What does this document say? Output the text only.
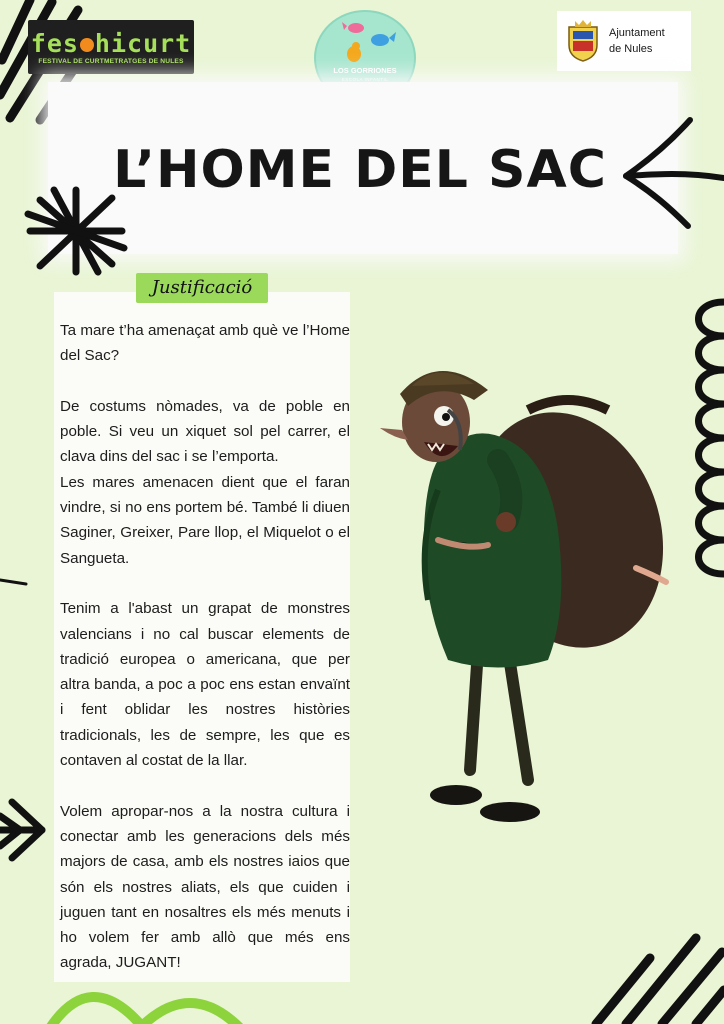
fes hicurt
FESTIVAL DE CURTMETRATGES DE NULES
LOS GORRIONES
ESCOLA INFANTIL
Ajuntament
de Nules
L’HOME DEL SAC
Justificació

Ta mare t’ha amenaçat amb què ve l’Home del Sac?

De costums nòmades, va de poble en poble. Si veu un xiquet sol pel carrer, el clava dins del sac i se l’emporta.

Les mares amenacen dient que el faran vindre, si no ens portem bé. També li diuen Saginer, Greixer, Pare llop, el Miquelot o el Sangueta.

Tenim a l'abast un grapat de monstres valencians i no cal buscar elements de tradició europea o americana, que per altra banda, a poc a poc ens estan envaïnt i fent oblidar les nostres històries tradicionals, les de sempre, les que es contaven al costat de la llar.

Volem apropar-nos a la nostra cultura i conectar amb les generacions dels més majors de casa, amb els nostres iaios que són els nostres aliats, els que cuiden i juguen tant en nosaltres els més menuts i ho volem fer amb allò que més ens agrada, JUGANT!
